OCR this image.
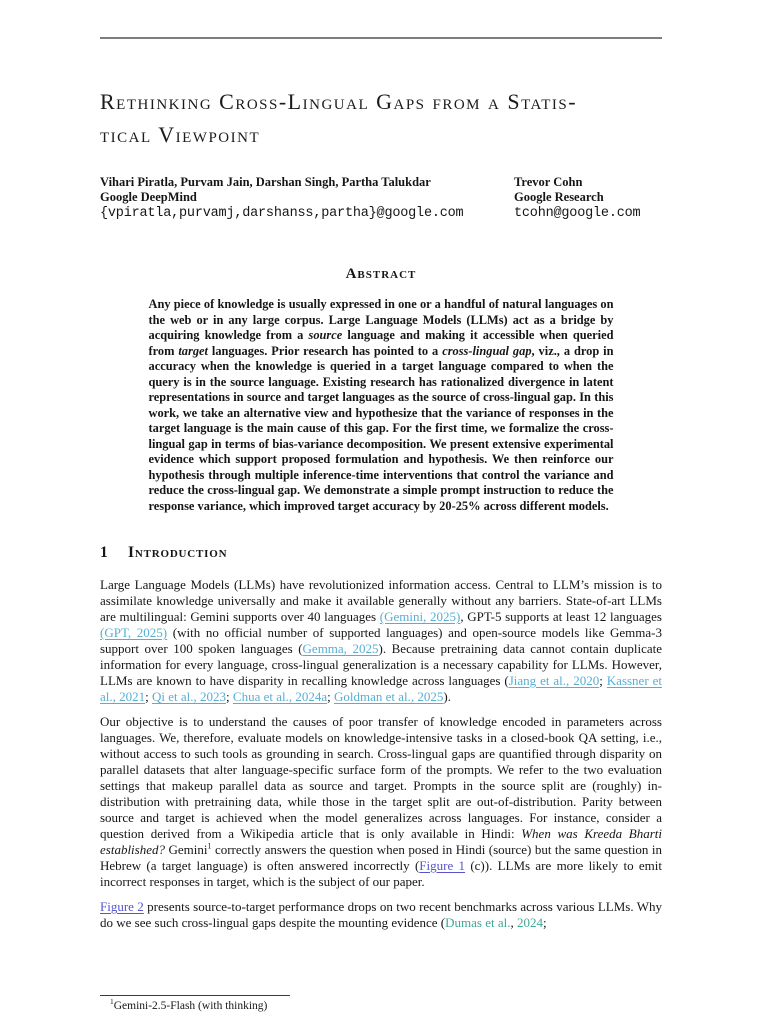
Rethinking Cross-Lingual Gaps from a Statis-
tical Viewpoint
Vihari Piratla, Purvam Jain, Darshan Singh, Partha Talukdar
Google DeepMind
{vpiratla,purvamj,darshanss,partha}@google.com
Trevor Cohn
Google Research
tcohn@google.com
Abstract
Any piece of knowledge is usually expressed in one or a handful of natural languages on the web or in any large corpus. Large Language Models (LLMs) act as a bridge by acquiring knowledge from a source language and making it accessible when queried from target languages. Prior research has pointed to a cross-lingual gap, viz., a drop in accuracy when the knowledge is queried in a target language compared to when the query is in the source language. Existing research has rationalized divergence in latent representations in source and target languages as the source of cross-lingual gap. In this work, we take an alternative view and hypothesize that the variance of responses in the target language is the main cause of this gap. For the first time, we formalize the cross-lingual gap in terms of bias-variance decomposition. We present extensive experimental evidence which support proposed formulation and hypothesis. We then reinforce our hypothesis through multiple inference-time interventions that control the variance and reduce the cross-lingual gap. We demonstrate a simple prompt instruction to reduce the response variance, which improved target accuracy by 20-25% across different models.
1 Introduction
Large Language Models (LLMs) have revolutionized information access. Central to LLM’s mission is to assimilate knowledge universally and make it available generally without any barriers. State-of-art LLMs are multilingual: Gemini supports over 40 languages (Gemini, 2025), GPT-5 supports at least 12 languages (GPT, 2025) (with no official number of supported languages) and open-source models like Gemma-3 support over 100 spoken languages (Gemma, 2025). Because pretraining data cannot contain duplicate information for every language, cross-lingual generalization is a necessary capability for LLMs. However, LLMs are known to have disparity in recalling knowledge across languages (Jiang et al., 2020; Kassner et al., 2021; Qi et al., 2023; Chua et al., 2024a; Goldman et al., 2025).
Our objective is to understand the causes of poor transfer of knowledge encoded in parameters across languages. We, therefore, evaluate models on knowledge-intensive tasks in a closed-book QA setting, i.e., without access to such tools as grounding in search. Cross-lingual gaps are quantified through disparity on parallel datasets that alter language-specific surface form of the prompts. We refer to the two evaluation settings that makeup parallel data as source and target. Prompts in the source split are (roughly) in-distribution with pretraining data, while those in the target split are out-of-distribution. Parity between source and target is achieved when the model generalizes across languages. For instance, consider a question derived from a Wikipedia article that is only available in Hindi: When was Kreeda Bharti established? Gemini$^1$ correctly answers the question when posed in Hindi (source) but the same question in Hebrew (a target language) is often answered incorrectly (Figure 1 (c)). LLMs are more likely to emit incorrect responses in target, which is the subject of our paper.
Figure 2 presents source-to-target performance drops on two recent benchmarks across various LLMs. Why do we see such cross-lingual gaps despite the mounting evidence (Dumas et al., 2024;
$^1$Gemini-2.5-Flash (with thinking)
